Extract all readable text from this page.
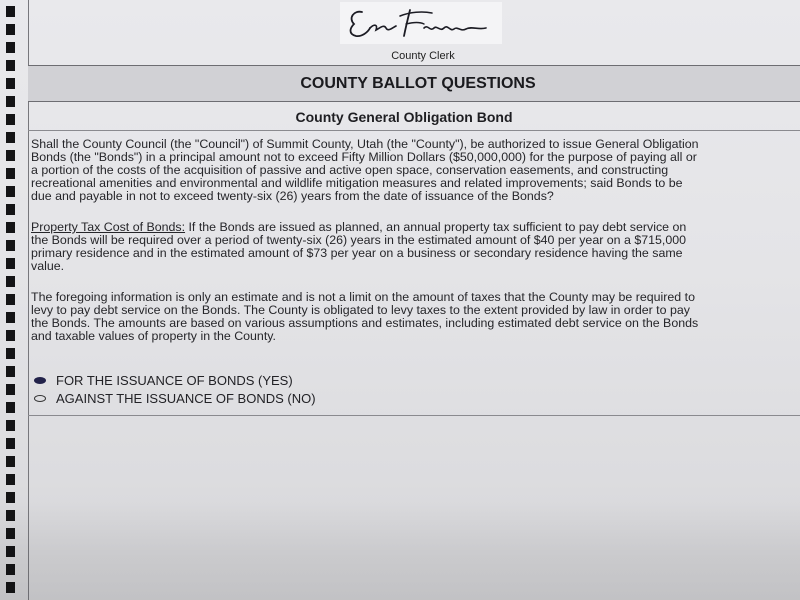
County Clerk
COUNTY BALLOT QUESTIONS
County General Obligation Bond
Shall the County Council (the "Council") of Summit County, Utah (the "County"), be authorized to issue General Obligation
Bonds (the "Bonds") in a principal amount not to exceed Fifty Million Dollars ($50,000,000) for the purpose of paying all or
a portion of the costs of the acquisition of passive and active open space, conservation easements, and constructing
recreational amenities and environmental and wildlife mitigation measures and related improvements; said Bonds to be
due and payable in not to exceed twenty-six (26) years from the date of issuance of the Bonds?
Property Tax Cost of Bonds: If the Bonds are issued as planned, an annual property tax sufficient to pay debt service on
the Bonds will be required over a period of twenty-six (26) years in the estimated amount of $40 per year on a $715,000
primary residence and in the estimated amount of $73 per year on a business or secondary residence having the same
value.
The foregoing information is only an estimate and is not a limit on the amount of taxes that the County may be required to
levy to pay debt service on the Bonds. The County is obligated to levy taxes to the extent provided by law in order to pay
the Bonds. The amounts are based on various assumptions and estimates, including estimated debt service on the Bonds
and taxable values of property in the County.
FOR THE ISSUANCE OF BONDS (YES)
AGAINST THE ISSUANCE OF BONDS (NO)
